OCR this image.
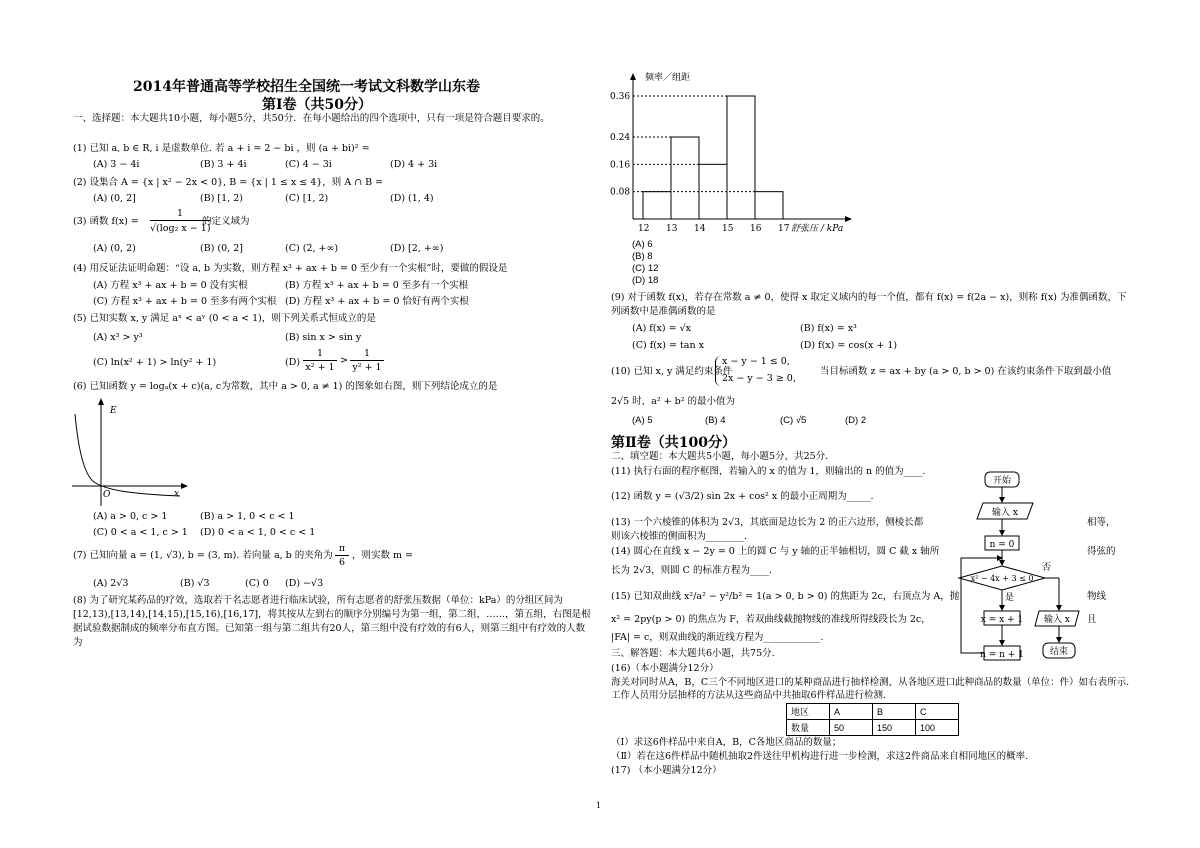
2014年普通高等学校招生全国统一考试文科数学山东卷
第Ⅰ卷（共50分）
一、选择题：本大题共10小题，每小题5分，共50分．在每小题给出的四个选项中，只有一项是符合题目要求的。
(1) 已知 a, b ∈ R, i 是虚数单位. 若 a + i = 2 − bi ，则 (a + bi)² =
(A) 3 − 4i	(B) 3 + 4i	(C) 4 − 3i	(D) 4 + 3i
(2) 设集合 A = {x | x² − 2x < 0}, B = {x | 1 ≤ x ≤ 4}，则 A ∩ B =
(A) (0, 2]	(B) [1, 2)	(C) [1, 2)	(D) (1, 4)
(3) 函数 f(x) =
1
√(log₂ x − 1)
的定义域为
(A) (0, 2)	(B) (0, 2]	(C) (2, +∞)	(D) [2, +∞)
(4) 用反证法证明命题：“设 a, b 为实数，则方程 x³ + ax + b = 0 至少有一个实根”时，要做的假设是
(A) 方程 x³ + ax + b = 0 没有实根	(B) 方程 x³ + ax + b = 0 至多有一个实根
(C) 方程 x³ + ax + b = 0 至多有两个实根 (D) 方程 x³ + ax + b = 0 恰好有两个实根
(5) 已知实数 x, y 满足 aˣ < aʸ (0 < a < 1)，则下列关系式恒成立的是
(A) x³ > y³	(B) sin x > sin y
(C) ln(x² + 1) > ln(y² + 1)	(D)
1
x² + 1
>
1
y² + 1
(6) 已知函数 y = logₐ(x + c)(a, c为常数，其中 a > 0, a ≠ 1) 的图象如右图，则下列结论成立的是
E
x
O
(A) a > 0, c > 1	(B) a > 1, 0 < c < 1
(C) 0 < a < 1, c > 1 (D) 0 < a < 1, 0 < c < 1
(7) 已知向量 a = (1, √3), b = (3, m). 若向量 a, b 的夹角为
π
6
，则实数 m =
(A) 2√3	(B) √3	(C) 0 (D) −√3
(8) 为了研究某药品的疗效，选取若干名志愿者进行临床试验，所有志愿者的舒张压数据（单位：kPa）的分组区间为[12,13),[13,14),[14,15),[15,16),[16,17]，将其按从左到右的顺序分别编号为第一组，第二组，……，第五组，右图是根据试验数据制成的频率分布直方图。已知第一组与第二组共有20人，第三组中没有疗效的有6人，则第三组中有疗效的人数为
0.36
0.24
0.16
0.08
12 13 14 15 16 17
频率／组距
舒张压 / kPa
(A) 6
(B) 8
(C) 12
(D) 18
(9) 对于函数 f(x)，若存在常数 a ≠ 0，使得 x 取定义域内的每一个值，都有 f(x) = f(2a − x)，则称 f(x) 为准偶函数，下列函数中是准偶函数的是
(A) f(x) = √x	(B) f(x) = x³
(C) f(x) = tan x	(D) f(x) = cos(x + 1)
(10) 已知 x, y 满足约束条件
x − y − 1 ≤ 0,
2x − y − 3 ≥ 0,
当目标函数 z = ax + by (a > 0, b > 0) 在该约束条件下取到最小值
2√5 时，a² + b² 的最小值为
(A) 5	(B) 4	(C) √5	(D) 2
第Ⅱ卷（共100分）
二、填空题：本大题共5小题，每小题5分，共25分.
(11) 执行右面的程序框图，若输入的 x 的值为 1，则输出的 n 的值为____.
(12) 函数 y = (√3/2) sin 2x + cos² x 的最小正周期为_____.
(13) 一个六棱锥的体积为 2√3，其底面是边长为 2 的正六边形，侧棱长都	相等，
则该六棱锥的侧面积为________.
(14) 圆心在直线 x − 2y = 0 上的圆 C 与 y 轴的正半轴相切，圆 C 截 x 轴所	得弦的
长为 2√3，则圆 C 的标准方程为____.
(15) 已知双曲线 x²/a² − y²/b² = 1(a > 0, b > 0) 的焦距为 2c，右顶点为 A，抛	物线
x² = 2py(p > 0) 的焦点为 F，若双曲线截抛物线的准线所得线段长为 2c，	且
|FA| = c，则双曲线的渐近线方程为____________.
开始
输入 x
n = 0
x² − 4x + 3 ≤ 0
否
是
输入 x
结束
x = x + 1
n = n + 1
三、解答题：本大题共6小题，共75分.
(16)（本小题满分12分）
海关对同时从A，B，C三个不同地区进口的某种商品进行抽样检测，从各地区进口此种商品的数量（单位：件）如右表所示. 工作人员用分层抽样的方法从这些商品中共抽取6件样品进行检测.
地区	A	B	C
数量	50	150	100
（Ⅰ）求这6件样品中来自A，B，C各地区商品的数量；
（Ⅱ）若在这6件样品中随机抽取2件送往甲机构进行进一步检测，求这2件商品来自相同地区的概率.
(17) （本小题满分12分）
1
